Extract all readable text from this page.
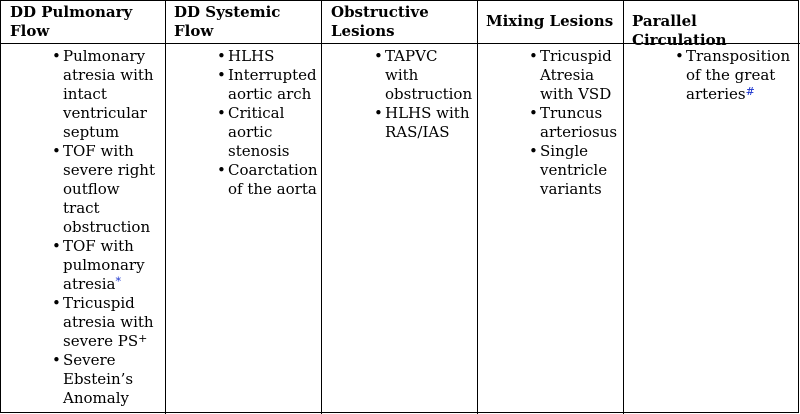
DD Pulmonary Flow
DD Systemic Flow
Obstructive Lesions
Mixing Lesions	Parallel Circulation
• Pulmonary atresia with intact ventricular septum
• TOF with severe right outflow tract obstruction
• TOF with pulmonary atresia*
• Tricuspid atresia with severe PS+
• Severe Ebstein’s Anomaly
• HLHS
• Interrupted aortic arch
• Critical aortic stenosis
• Coarctation of the aorta
• TAPVC with obstruction
• HLHS with RAS/IAS
• Tricuspid Atresia with VSD
• Truncus arteriosus
• Single ventricle variants
• Transposition of the great arteries#
